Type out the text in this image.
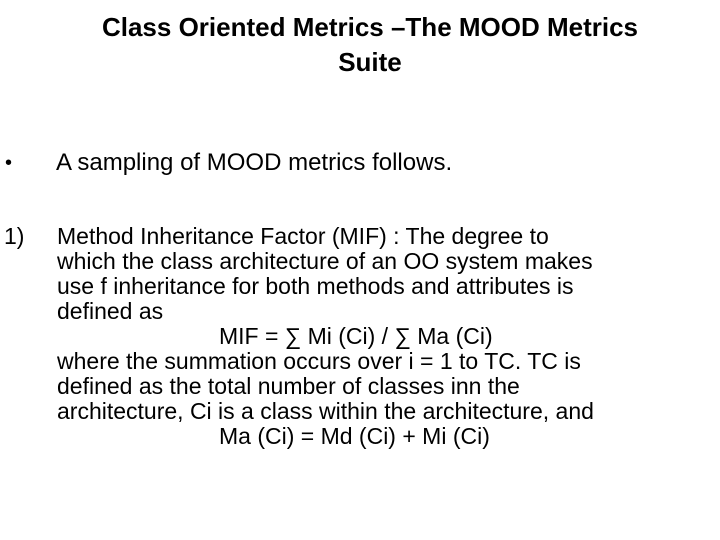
Class Oriented Metrics –The MOOD Metrics
Suite
• A sampling of MOOD metrics follows.
1) Method Inheritance Factor (MIF) : The degree to
which the class architecture of an OO system makes
use f inheritance for both methods and attributes is
defined as
MIF = ∑ Mi (Ci) / ∑ Ma (Ci)
where the summation occurs over i = 1 to TC. TC is
defined as the total number of classes inn the
architecture, Ci is a class within the architecture, and
Ma (Ci) = Md (Ci) + Mi (Ci)
